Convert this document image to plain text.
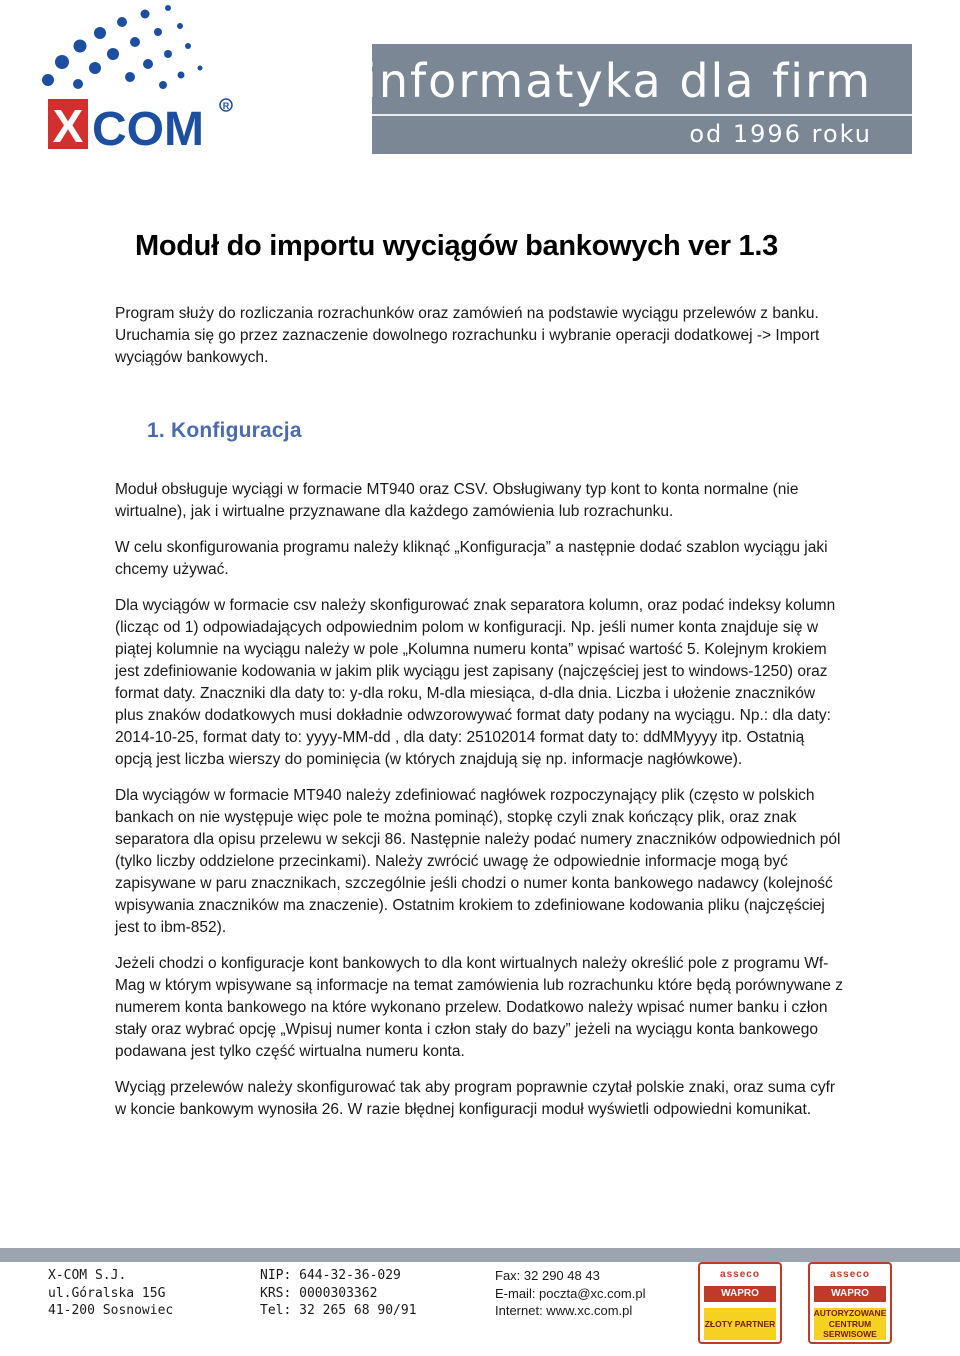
X COM R	informatyka dla firm
od 1996 roku
Moduł do importu wyciągów bankowych ver 1.3

Program służy do rozliczania rozrachunków oraz zamówień na podstawie wyciągu przelewów z banku. Uruchamia się go przez zaznaczenie dowolnego rozrachunku i wybranie operacji dodatkowej -> Import wyciągów bankowych.

1. Konfiguracja

Moduł obsługuje wyciągi w formacie MT940 oraz CSV. Obsługiwany typ kont to konta normalne (nie wirtualne), jak i wirtualne przyznawane dla każdego zamówienia lub rozrachunku.

W celu skonfigurowania programu należy kliknąć „Konfiguracja” a następnie dodać szablon wyciągu jaki chcemy używać.

Dla wyciągów w formacie csv należy skonfigurować znak separatora kolumn, oraz podać indeksy kolumn (licząc od 1) odpowiadających odpowiednim polom w konfiguracji. Np. jeśli numer konta znajduje się w piątej kolumnie na wyciągu należy w pole „Kolumna numeru konta” wpisać wartość 5. Kolejnym krokiem jest zdefiniowanie kodowania w jakim plik wyciągu jest zapisany (najczęściej jest to windows-1250) oraz format daty. Znaczniki dla daty to: y-dla roku, M-dla miesiąca, d-dla dnia. Liczba i ułożenie znaczników plus znaków dodatkowych musi dokładnie odwzorowywać format daty podany na wyciągu. Np.: dla daty: 2014-10-25, format daty to: yyyy-MM-dd , dla daty: 25102014 format daty to: ddMMyyyy itp. Ostatnią opcją jest liczba wierszy do pominięcia (w których znajdują się np. informacje nagłówkowe).

Dla wyciągów w formacie MT940 należy zdefiniować nagłówek rozpoczynający plik (często w polskich bankach on nie występuje więc pole te można pominąć), stopkę czyli znak kończący plik, oraz znak separatora dla opisu przelewu w sekcji 86. Następnie należy podać numery znaczników odpowiednich pól (tylko liczby oddzielone przecinkami). Należy zwrócić uwagę że odpowiednie informacje mogą być zapisywane w paru znacznikach, szczególnie jeśli chodzi o numer konta bankowego nadawcy (kolejność wpisywania znaczników ma znaczenie). Ostatnim krokiem to zdefiniowane kodowania pliku (najczęściej jest to ibm-852).

Jeżeli chodzi o konfiguracje kont bankowych to dla kont wirtualnych należy określić pole z programu Wf-Mag w którym wpisywane są informacje na temat zamówienia lub rozrachunku które będą porównywane z numerem konta bankowego na które wykonano przelew. Dodatkowo należy wpisać numer banku i człon stały oraz wybrać opcję „Wpisuj numer konta i człon stały do bazy” jeżeli na wyciągu konta bankowego podawana jest tylko część wirtualna numeru konta.

Wyciąg przelewów należy skonfigurować tak aby program poprawnie czytał polskie znaki, oraz suma cyfr w koncie bankowym wynosiła 26. W razie błędnej konfiguracji moduł wyświetli odpowiedni komunikat.

X-COM S.J.
ul.Góralska 15G
41-200 Sosnowiec
NIP: 644-32-36-029
KRS: 0000303362
Tel: 32 265 68 90/91
Fax: 32 290 48 43
E-mail: poczta@xc.com.pl
Internet: www.xc.com.pl
asseco
WAPRO
ZŁOTY PARTNER
asseco
WAPRO
AUTORYZOWANE CENTRUM SERWISOWE
